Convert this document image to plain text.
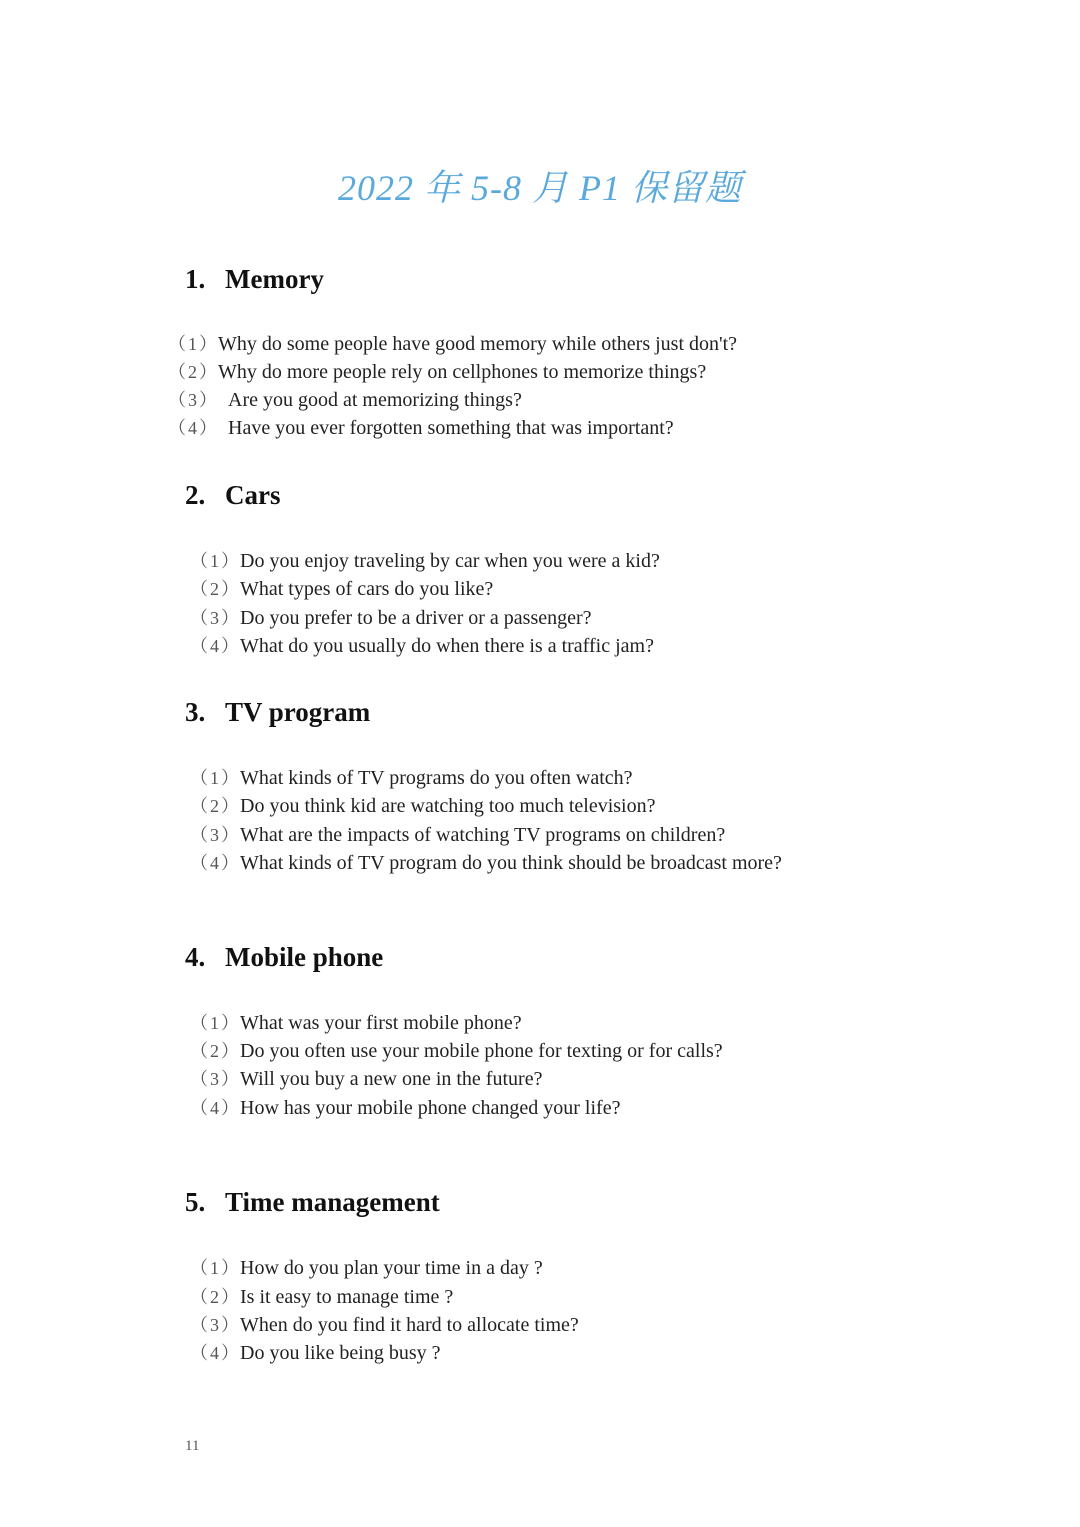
2022 年 5-8 月 P1 保留题
1. Memory
（1） Why do some people have good memory while others just don't?
（2） Why do more people rely on cellphones to memorize things?
（3） Are you good at memorizing things?
（4） Have you ever forgotten something that was important?
2. Cars
（1） Do you enjoy traveling by car when you were a kid?
（2） What types of cars do you like?
（3） Do you prefer to be a driver or a passenger?
（4） What do you usually do when there is a traffic jam?
3. TV program
（1） What kinds of TV programs do you often watch?
（2） Do you think kid are watching too much television?
（3） What are the impacts of watching TV programs on children?
（4） What kinds of TV program do you think should be broadcast more?
4. Mobile phone
（1） What was your first mobile phone?
（2） Do you often use your mobile phone for texting or for calls?
（3） Will you buy a new one in the future?
（4） How has your mobile phone changed your life?
5. Time management
（1） How do you plan your time in a day ?
（2） Is it easy to manage time ?
（3） When do you find it hard to allocate time?
（4） Do you like being busy ?
11
